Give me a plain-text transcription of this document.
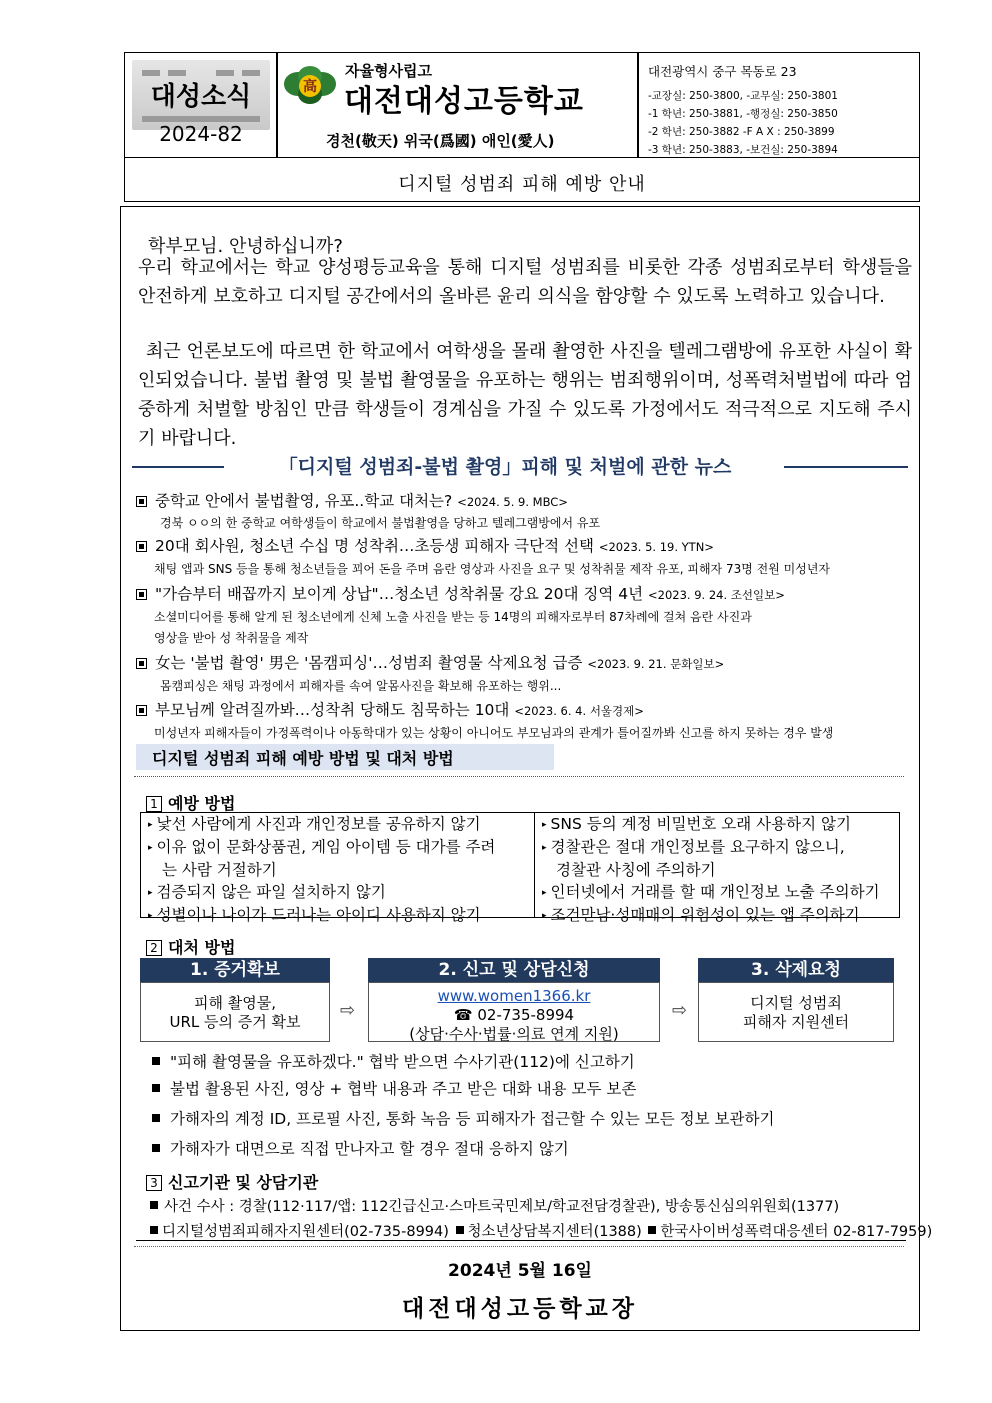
대성소식
2024-82
高
자율형사립고
대전대성고등학교
경천(敬天) 위국(爲國) 애인(愛人)
대전광역시 중구 목동로 23
-교장실: 250-3800, -교무실: 250-3801
-1 학년: 250-3881, -행정실: 250-3850
-2 학년: 250-3882 -F A X : 250-3899
-3 학년: 250-3883, -보건실: 250-3894
디지털 성범죄 피해 예방 안내
학부모님. 안녕하십니까?
우리 학교에서는 학교 양성평등교육을 통해 디지털 성범죄를 비롯한 각종 성범죄로부터 학생들을 안전하게 보호하고 디지털 공간에서의 올바른 윤리 의식을 함양할 수 있도록 노력하고 있습니다.
최근 언론보도에 따르면 한 학교에서 여학생을 몰래 촬영한 사진을 텔레그램방에 유포한 사실이 확인되었습니다. 불법 촬영 및 불법 촬영물을 유포하는 행위는 범죄행위이며, 성폭력처벌법에 따라 엄중하게 처벌할 방침인 만큼 학생들이 경계심을 가질 수 있도록 가정에서도 적극적으로 지도해 주시기 바랍니다.
「디지털 성범죄-불법 촬영」피해 및 처벌에 관한 뉴스
중학교 안에서 불법촬영, 유포..학교 대처는? <2024. 5. 9. MBC>
경북 ㅇㅇ의 한 중학교 여학생들이 학교에서 불법촬영을 당하고 텔레그램방에서 유포
20대 회사원, 청소년 수십 명 성착취…초등생 피해자 극단적 선택 <2023. 5. 19. YTN>
채팅 앱과 SNS 등을 통해 청소년들을 꾀어 돈을 주며 음란 영상과 사진을 요구 및 성착취물 제작 유포, 피해자 73명 전원 미성년자
"가슴부터 배꼽까지 보이게 상납"…청소년 성착취물 강요 20대 징역 4년 <2023. 9. 24. 조선일보>
소셜미디어를 통해 알게 된 청소년에게 신체 노출 사진을 받는 등 14명의 피해자로부터 87차례에 걸쳐 음란 사진과
영상을 받아 성 착취물을 제작
女는 '불법 촬영' 男은 '몸캠피싱'…성범죄 촬영물 삭제요청 급증 <2023. 9. 21. 문화일보>
몸캠피싱은 채팅 과정에서 피해자를 속여 알몸사진을 확보해 유포하는 행위...
부모님께 알려질까봐…성착취 당해도 침묵하는 10대 <2023. 6. 4. 서울경제>
미성년자 피해자들이 가정폭력이나 아동학대가 있는 상황이 아니어도 부모님과의 관계가 틀어질까봐 신고를 하지 못하는 경우 발생
디지털 성범죄 피해 예방 방법 및 대처 방법
1 예방 방법
▸ 낯선 사람에게 사진과 개인정보를 공유하지 않기
▸ 이유 없이 문화상품권, 게임 아이템 등 대가를 주려
는 사람 거절하기
▸ 검증되지 않은 파일 설치하지 않기
▸ 성별이나 나이가 드러나는 아이디 사용하지 않기
▸ SNS 등의 계정 비밀번호 오래 사용하지 않기
▸ 경찰관은 절대 개인정보를 요구하지 않으니,
경찰관 사칭에 주의하기
▸ 인터넷에서 거래를 할 때 개인정보 노출 주의하기
▸ 조건만남·성매매의 위험성이 있는 앱 주의하기
2 대처 방법
1. 증거확보
피해 촬영물,
URL 등의 증거 확보
⇨
2. 신고 및 상담신청
www.women1366.kr
☎ 02-735-8994
(상담·수사·법률·의료 연계 지원)
⇨
3. 삭제요청
디지털 성범죄
피해자 지원센터
"피해 촬영물을 유포하겠다." 협박 받으면 수사기관(112)에 신고하기
불법 촬용된 사진, 영상 + 협박 내용과 주고 받은 대화 내용 모두 보존
가해자의 계정 ID, 프로필 사진, 통화 녹음 등 피해자가 접근할 수 있는 모든 정보 보관하기
가해자가 대면으로 직접 만나자고 할 경우 절대 응하지 않기
3 신고기관 및 상담기관
사건 수사 : 경찰(112·117/앱: 112긴급신고·스마트국민제보/학교전담경찰관), 방송통신심의위원회(1377)
디지털성범죄피해자지원센터(02-735-8994) 청소년상담복지센터(1388) 한국사이버성폭력대응센터 02-817-7959)
2024년 5월 16일
대전대성고등학교장
